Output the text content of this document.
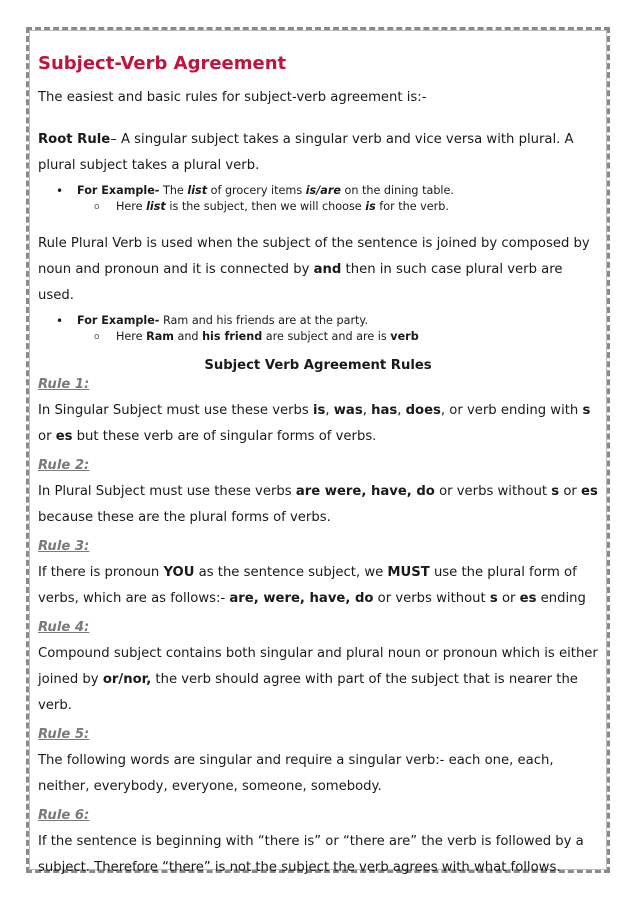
Subject-Verb Agreement

The easiest and basic rules for subject-verb agreement is:-

Root Rule– A singular subject takes a singular verb and vice versa with plural. A plural subject takes a plural verb.

• For Example- The list of grocery items is/are on the dining table.
o Here list is the subject, then we will choose is for the verb.

Rule Plural Verb is used when the subject of the sentence is joined by composed by noun and pronoun and it is connected by and then in such case plural verb are used.

• For Example- Ram and his friends are at the party.
o Here Ram and his friend are subject and are is verb
Subject Verb Agreement Rules
Rule 1:

In Singular Subject must use these verbs is, was, has, does, or verb ending with s or es but these verb are of singular forms of verbs.

Rule 2:

In Plural Subject must use these verbs are were, have, do or verbs without s or es because these are the plural forms of verbs.

Rule 3:

If there is pronoun YOU as the sentence subject, we MUST use the plural form of verbs, which are as follows:- are, were, have, do or verbs without s or es ending

Rule 4:

Compound subject contains both singular and plural noun or pronoun which is either joined by or/nor, the verb should agree with part of the subject that is nearer the verb.

Rule 5:

The following words are singular and require a singular verb:- each one, each, neither, everybody, everyone, someone, somebody.

Rule 6:

If the sentence is beginning with “there is” or “there are” the verb is followed by a subject. Therefore “there” is not the subject the verb agrees with what follows.
